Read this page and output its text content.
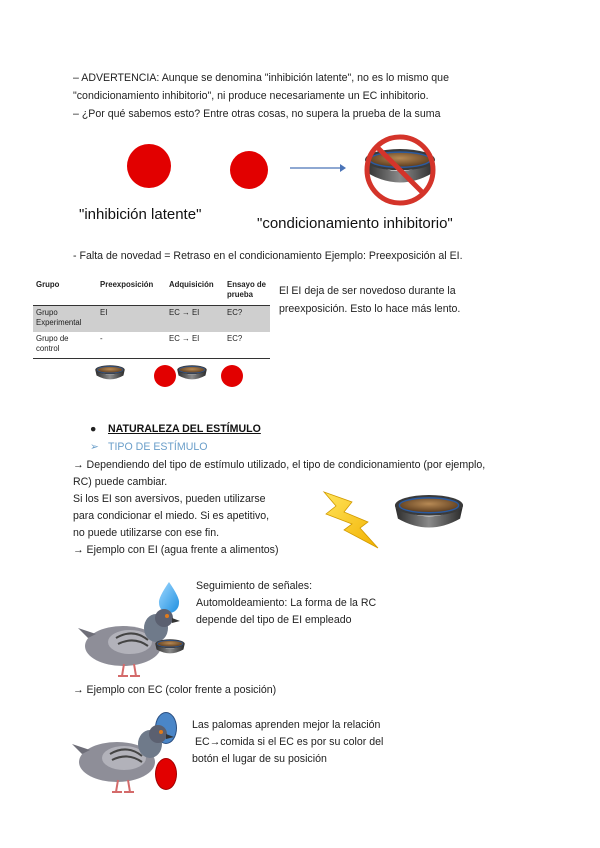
– ADVERTENCIA: Aunque se denomina "inhibición latente", no es lo mismo que
"condicionamiento inhibitorio", ni produce necesariamente un EC inhibitorio.
– ¿Por qué sabemos esto? Entre otras cosas, no supera la prueba de la suma
"inhibición latente"
"condicionamiento inhibitorio"
- Falta de novedad = Retraso en el condicionamiento Ejemplo: Preexposición al EI.
Grupo	Preexposición	Adquisición	Ensayo de prueba
Grupo Experimental	EI	EC → EI	EC?
Grupo de control	-	EC → EI	EC?
El EI deja de ser novedoso durante la
preexposición. Esto lo hace más lento.
● NATURALEZA DEL ESTÍMULO
➢ TIPO DE ESTÍMULO
→ Dependiendo del tipo de estímulo utilizado, el tipo de condicionamiento (por ejemplo,
RC) puede cambiar.
Si los EI son aversivos, pueden utilizarse
para condicionar el miedo. Si es apetitivo,
no puede utilizarse con ese fin.
→ Ejemplo con EI (agua frente a alimentos)
Seguimiento de señales:
Automoldeamiento: La forma de la RC
depende del tipo de EI empleado
→ Ejemplo con EC (color frente a posición)
Las palomas aprenden mejor la relación
EC→comida si el EC es por su color del
botón el lugar de su posición
